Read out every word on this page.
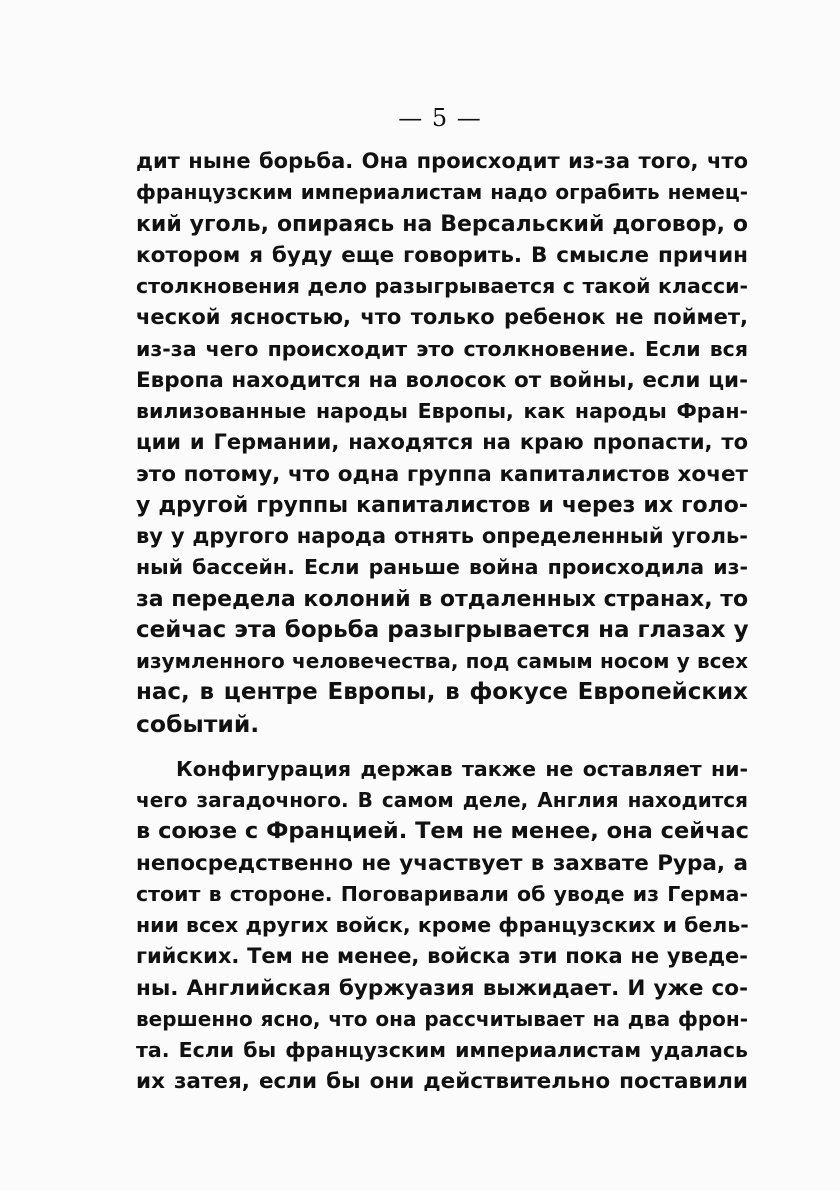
— 5 —
дит ныне борьба. Она происходит из-за того, что
французским империалистам надо ограбить немец-
кий уголь, опираясь на Версальский договор, о
котором я буду еще говорить. В смысле причин
столкновения дело разыгрывается с такой класси-
ческой ясностью, что только ребенок не поймет,
из-за чего происходит это столкновение. Если вся
Европа находится на волосок от войны, если ци-
вилизованные народы Европы, как народы Фран-
ции и Германии, находятся на краю пропасти, то
это потому, что одна группа капиталистов хочет
у другой группы капиталистов и через их голо-
ву у другого народа отнять определенный уголь-
ный бассейн. Если раньше война происходила из-
за передела колоний в отдаленных странах, то
сейчас эта борьба разыгрывается на глазах у
изумленного человечества, под самым носом у всех
нас, в центре Европы, в фокусе Европейских
событий.
Конфигурация держав также не оставляет ни-
чего загадочного. В самом деле, Англия находится
в союзе с Францией. Тем не менее, она сейчас
непосредственно не участвует в захвате Рура, а
стоит в стороне. Поговаривали об уводе из Герма-
нии всех других войск, кроме французских и бель-
гийских. Тем не менее, войска эти пока не уведе-
ны. Английская буржуазия выжидает. И уже со-
вершенно ясно, что она рассчитывает на два фрон-
та. Если бы французским империалистам удалась
их затея, если бы они действительно поставили
